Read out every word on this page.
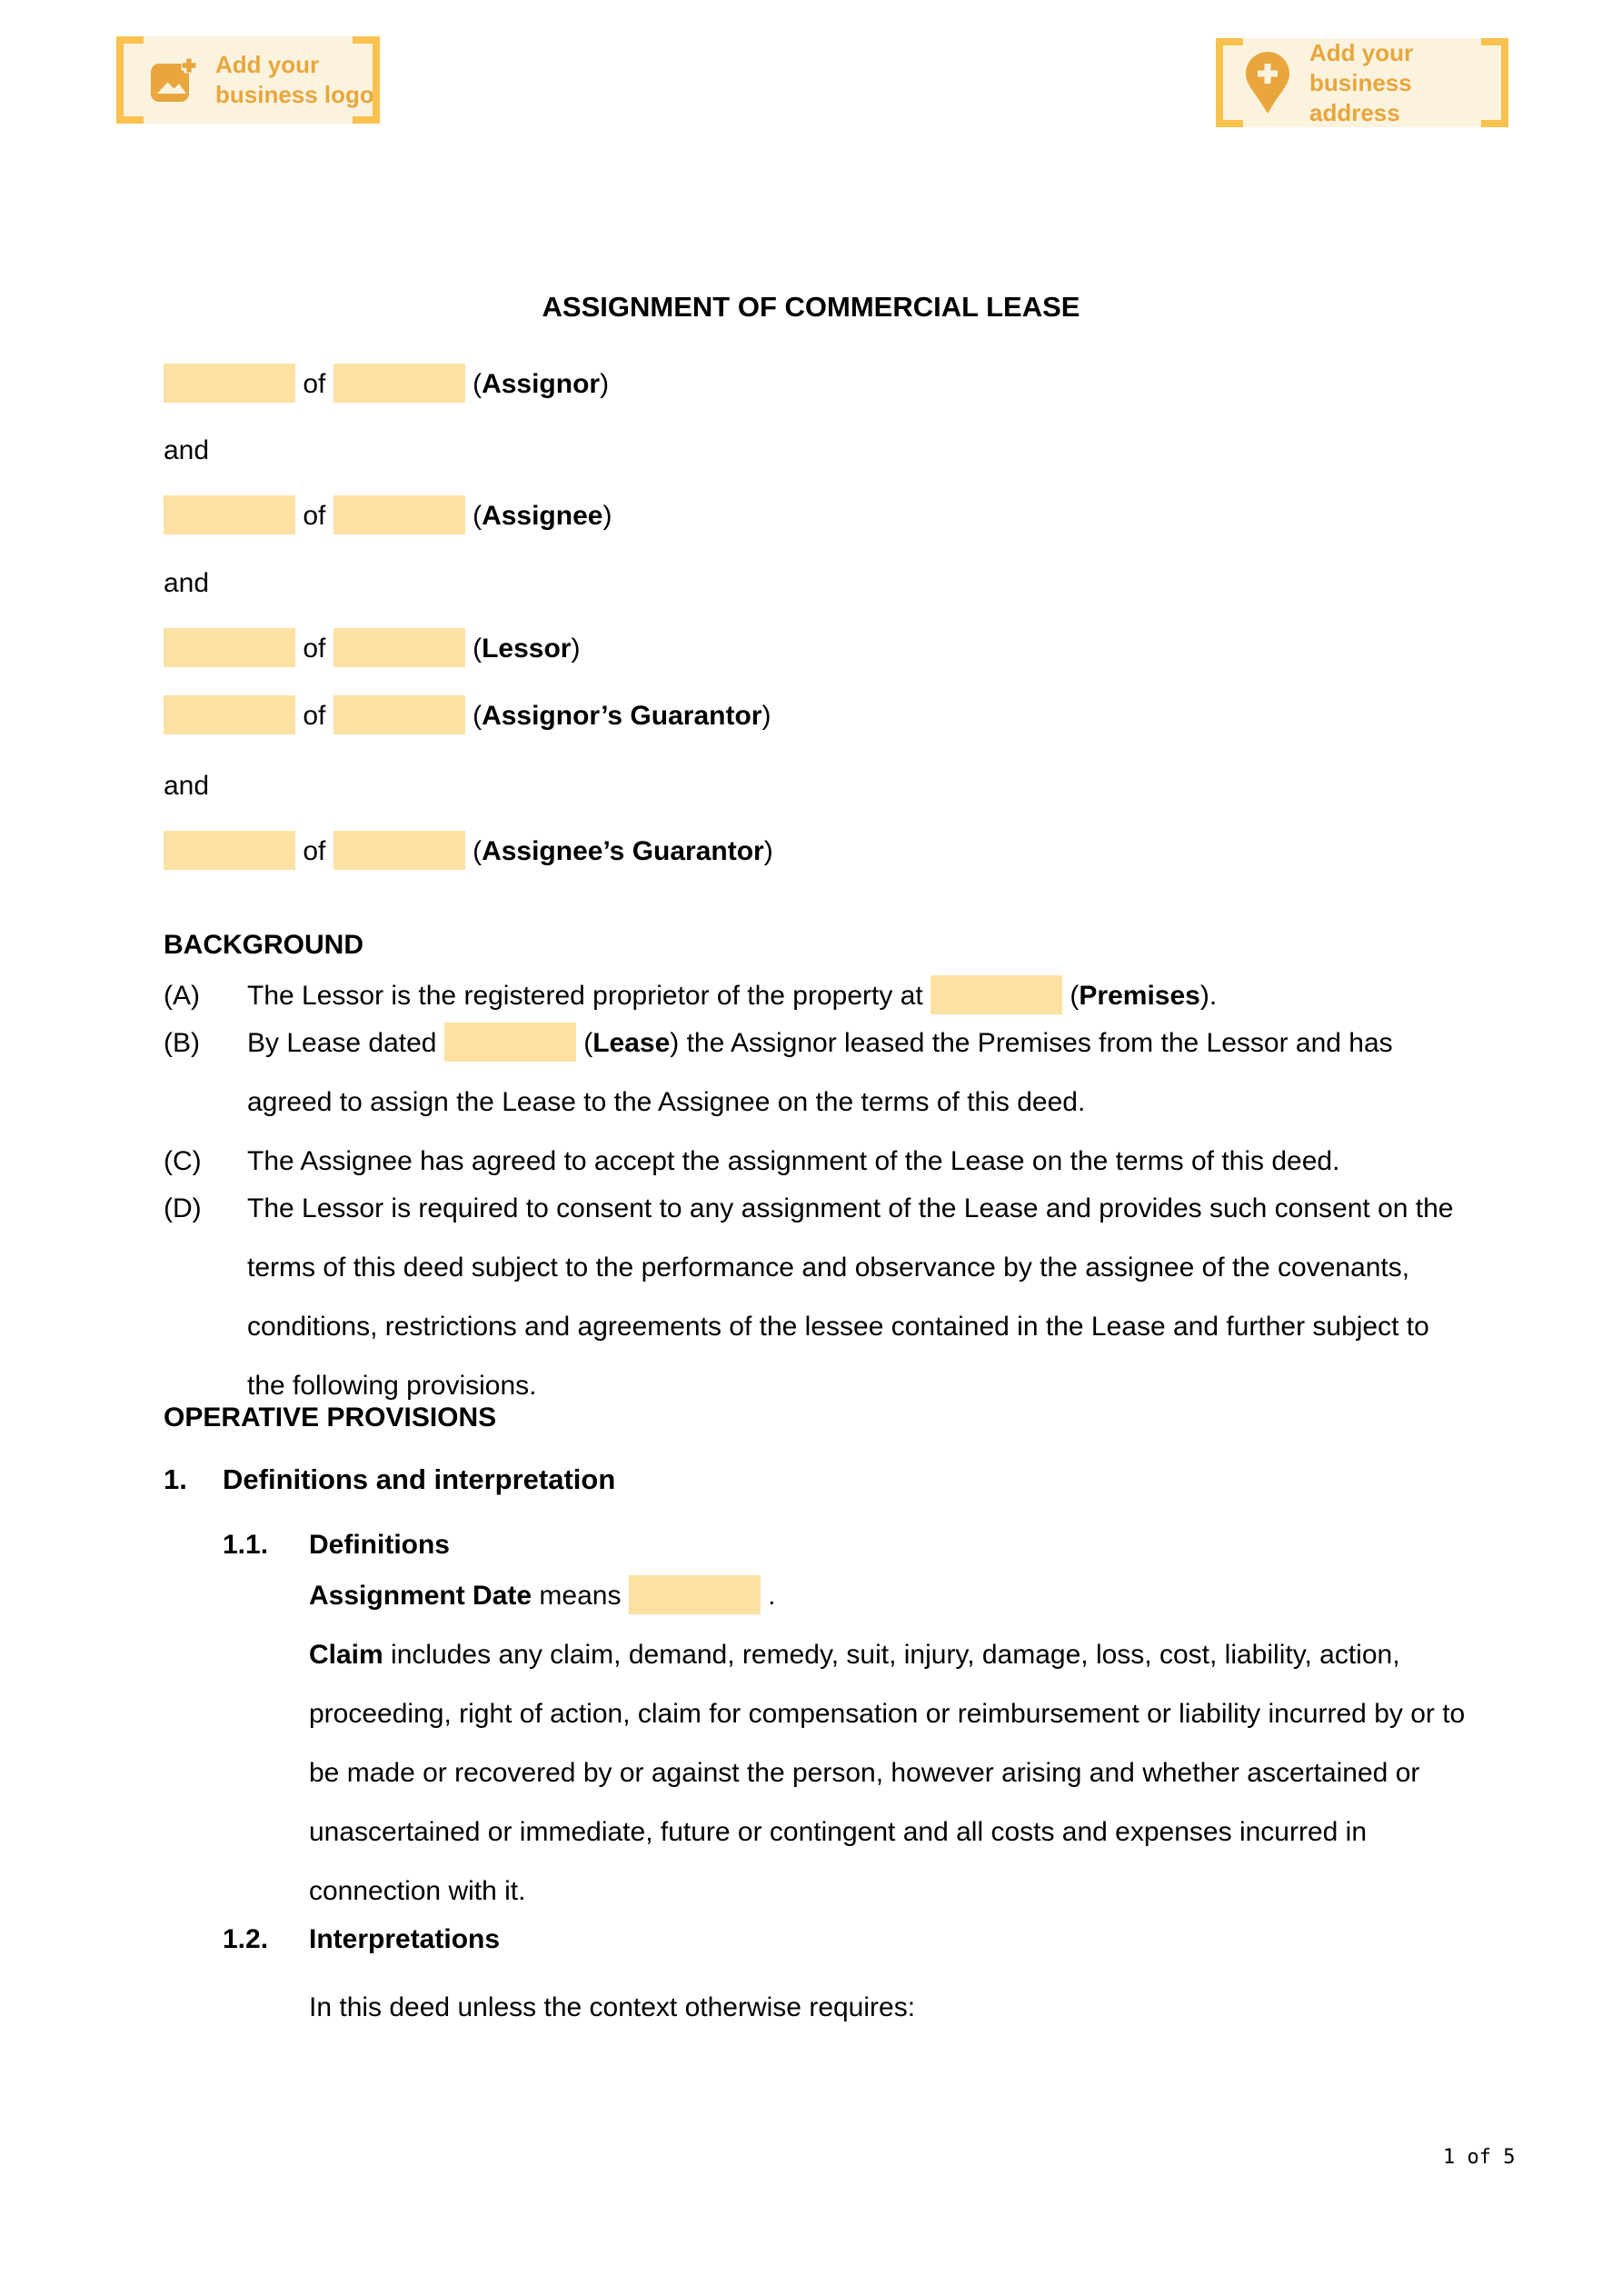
Add your
business logo
Add your
business address
ASSIGNMENT OF COMMERCIAL LEASE
of	(Assignor)
and
of	(Assignee)
and
of	(Lessor)
of	(Assignor’s Guarantor)
and
of	(Assignee’s Guarantor)
BACKGROUND
(A) The Lessor is the registered proprietor of the property at	(Premises).
(B) By Lease dated	(Lease) the Assignor leased the Premises from the Lessor and has agreed to assign the Lease to the Assignee on the terms of this deed.
(C) The Assignee has agreed to accept the assignment of the Lease on the terms of this deed.
(D) The Lessor is required to consent to any assignment of the Lease and provides such consent on the terms of this deed subject to the performance and observance by the assignee of the covenants, conditions, restrictions and agreements of the lessee contained in the Lease and further subject to the following provisions.
OPERATIVE PROVISIONS
1. Definitions and interpretation
1.1. Definitions
Assignment Date means	.
Claim includes any claim, demand, remedy, suit, injury, damage, loss, cost, liability, action, proceeding, right of action, claim for compensation or reimbursement or liability incurred by or to be made or recovered by or against the person, however arising and whether ascertained or unascertained or immediate, future or contingent and all costs and expenses incurred in connection with it.
1.2. Interpretations
In this deed unless the context otherwise requires:
1 of 5
